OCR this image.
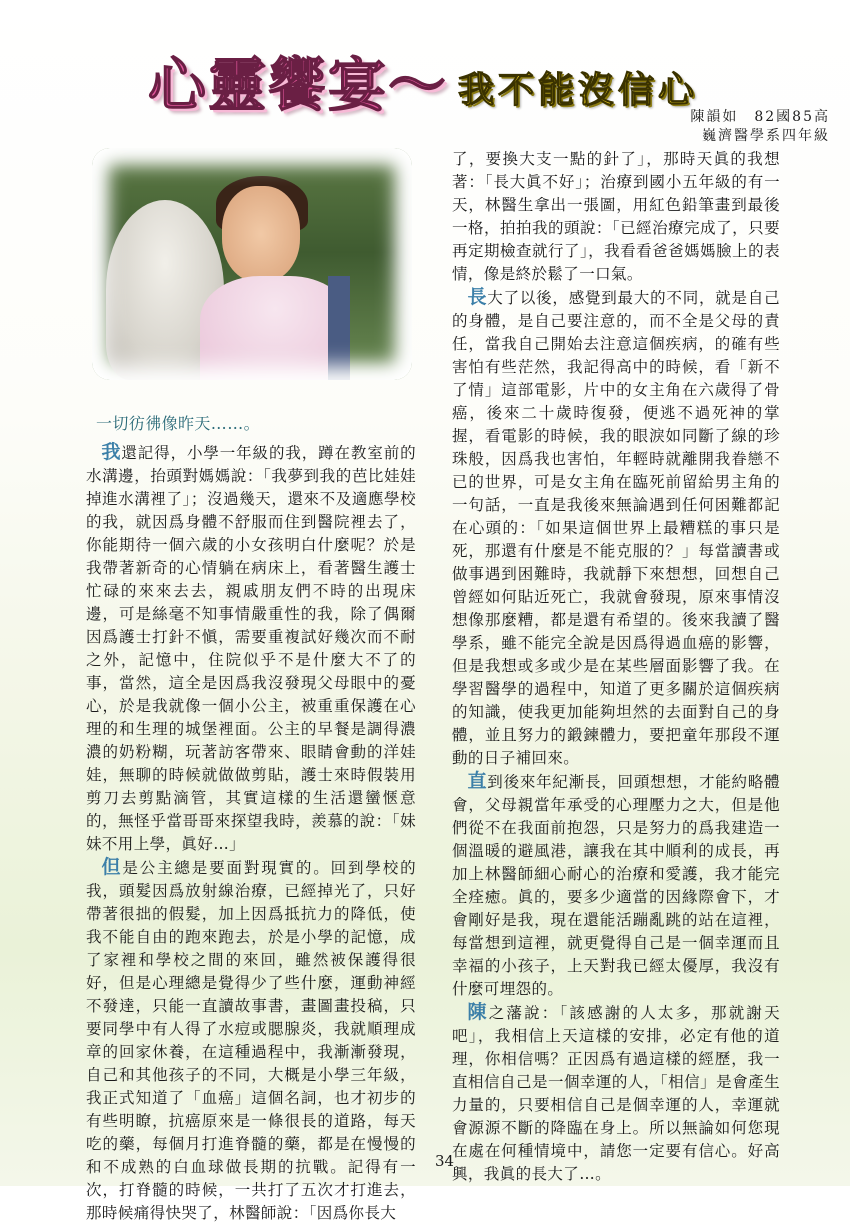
心靈饗宴～ 我不能沒信心
陳韻如　82國85高
巍濟醫學系四年級

一切彷彿像昨天……。

我還記得，小學一年級的我，蹲在教室前的水溝邊，抬頭對媽媽說：「我夢到我的芭比娃娃掉進水溝裡了」；沒過幾天，還來不及適應學校的我，就因爲身體不舒服而住到醫院裡去了，你能期待一個六歲的小女孩明白什麼呢？於是我帶著新奇的心情躺在病床上，看著醫生護士忙碌的來來去去，親戚朋友們不時的出現床邊，可是絲毫不知事情嚴重性的我，除了偶爾因爲護士打針不愼，需要重複試好幾次而不耐之外，記憶中，住院似乎不是什麼大不了的事，當然，這全是因爲我沒發現父母眼中的憂心，於是我就像一個小公主，被重重保護在心理的和生理的城堡裡面。公主的早餐是調得濃濃的奶粉糊，玩著訪客帶來、眼睛會動的洋娃娃，無聊的時候就做做剪貼，護士來時假裝用剪刀去剪點滴管，其實這樣的生活還蠻愜意的，無怪乎當哥哥來探望我時，羨慕的說：「妹妹不用上學，眞好…」

但是公主總是要面對現實的。回到學校的我，頭髮因爲放射線治療，已經掉光了，只好帶著很拙的假髮，加上因爲抵抗力的降低，使我不能自由的跑來跑去，於是小學的記憶，成了家裡和學校之間的來回，雖然被保護得很好，但是心理總是覺得少了些什麼，運動神經不發達，只能一直讀故事書，畫圖畫投稿，只要同學中有人得了水痘或腮腺炎，我就順理成章的回家休養，在這種過程中，我漸漸發現，自己和其他孩子的不同，大概是小學三年級，我正式知道了「血癌」這個名詞，也才初步的有些明瞭，抗癌原來是一條很長的道路，每天吃的藥，每個月打進脊髓的藥，都是在慢慢的和不成熟的白血球做長期的抗戰。記得有一次，打脊髓的時候，一共打了五次才打進去，那時候痛得快哭了，林醫師說：「因爲你長大

了，要換大支一點的針了」，那時天眞的我想著：「長大眞不好」；治療到國小五年級的有一天，林醫生拿出一張圖，用紅色鉛筆畫到最後一格，拍拍我的頭說：「已經治療完成了，只要再定期檢查就行了」，我看看爸爸媽媽臉上的表情，像是終於鬆了一口氣。

長大了以後，感覺到最大的不同，就是自己的身體，是自己要注意的，而不全是父母的責任，當我自己開始去注意這個疾病，的確有些害怕有些茫然，我記得高中的時候，看「新不了情」這部電影，片中的女主角在六歲得了骨癌，後來二十歲時復發，便逃不過死神的掌握，看電影的時候，我的眼淚如同斷了線的珍珠般，因爲我也害怕，年輕時就離開我眷戀不已的世界，可是女主角在臨死前留給男主角的一句話，一直是我後來無論遇到任何困難都記在心頭的：「如果這個世界上最糟糕的事只是死，那還有什麼是不能克服的？」每當讀書或做事遇到困難時，我就靜下來想想，回想自己曾經如何貼近死亡，我就會發現，原來事情沒想像那麼糟，都是還有希望的。後來我讀了醫學系，雖不能完全說是因爲得過血癌的影響，但是我想或多或少是在某些層面影響了我。在學習醫學的過程中，知道了更多關於這個疾病的知識，使我更加能夠坦然的去面對自己的身體，並且努力的鍛鍊體力，要把童年那段不運動的日子補回來。

直到後來年紀漸長，回頭想想，才能約略體會，父母親當年承受的心理壓力之大，但是他們從不在我面前抱怨，只是努力的爲我建造一個溫暖的避風港，讓我在其中順利的成長，再加上林醫師細心耐心的治療和愛護，我才能完全痊癒。眞的，要多少適當的因緣際會下，才會剛好是我，現在還能活蹦亂跳的站在這裡，每當想到這裡，就更覺得自己是一個幸運而且幸福的小孩子，上天對我已經太優厚，我沒有什麼可埋怨的。

陳之藩說：「該感謝的人太多，那就謝天吧」，我相信上天這樣的安排，必定有他的道理，你相信嗎？正因爲有過這樣的經歷，我一直相信自己是一個幸運的人，「相信」是會產生力量的，只要相信自己是個幸運的人，幸運就會源源不斷的降臨在身上。所以無論如何您現在處在何種情境中，請您一定要有信心。好高興，我眞的長大了…。

34
